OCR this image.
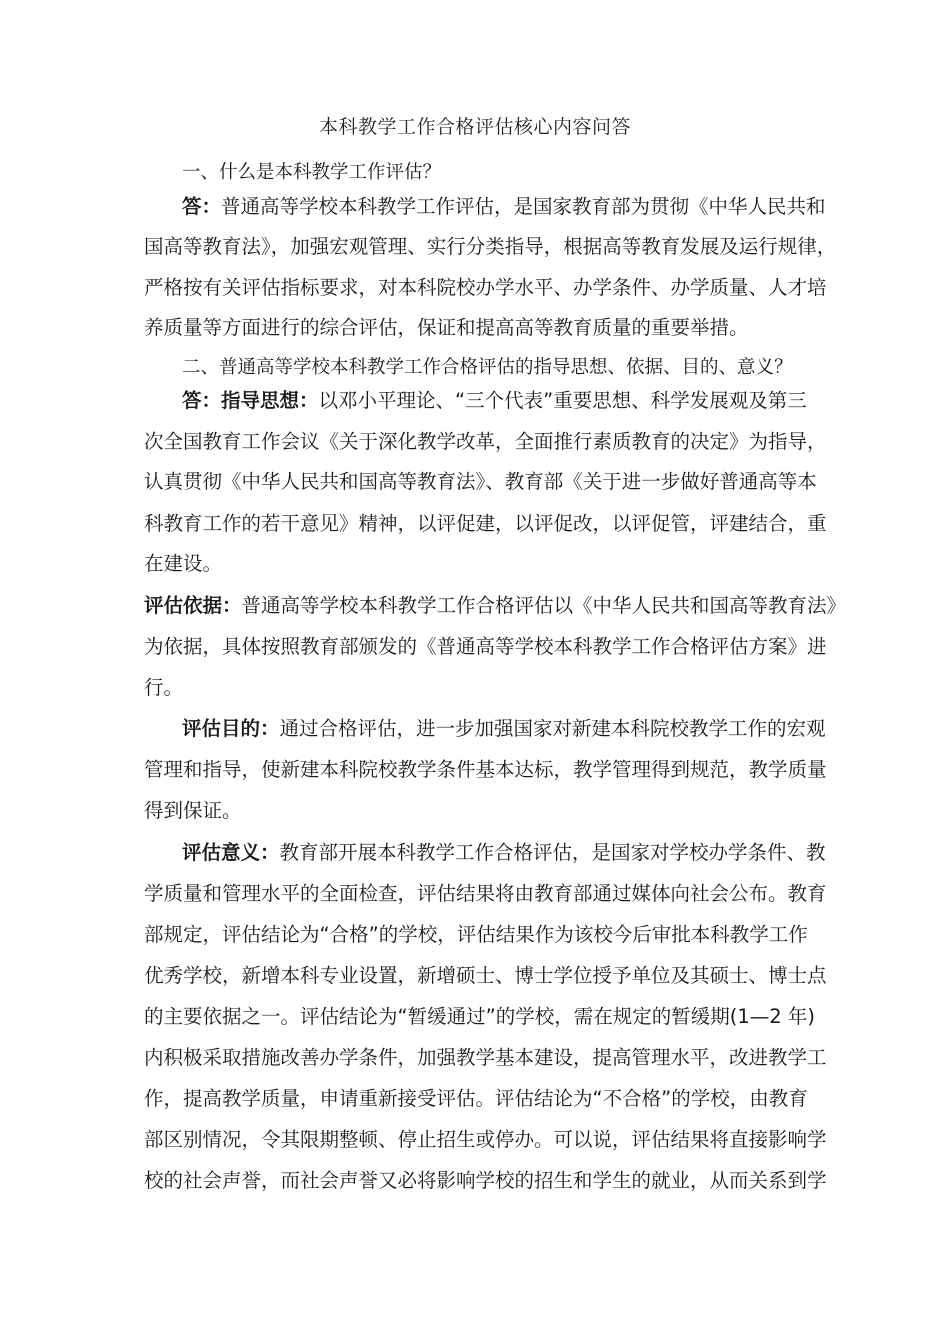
本科教学工作合格评估核心内容问答
一、什么是本科教学工作评估？
答：普通高等学校本科教学工作评估，是国家教育部为贯彻《中华人民共和
国高等教育法》，加强宏观管理、实行分类指导，根据高等教育发展及运行规律，
严格按有关评估指标要求，对本科院校办学水平、办学条件、办学质量、人才培
养质量等方面进行的综合评估，保证和提高高等教育质量的重要举措。
二、普通高等学校本科教学工作合格评估的指导思想、依据、目的、意义？
答：指导思想：以邓小平理论、“三个代表”重要思想、科学发展观及第三
次全国教育工作会议《关于深化教学改革，全面推行素质教育的决定》为指导，
认真贯彻《中华人民共和国高等教育法》、教育部《关于进一步做好普通高等本
科教育工作的若干意见》精神，以评促建，以评促改，以评促管，评建结合，重
在建设。
评估依据：普通高等学校本科教学工作合格评估以《中华人民共和国高等教育法》
为依据，具体按照教育部颁发的《普通高等学校本科教学工作合格评估方案》进
行。
评估目的：通过合格评估，进一步加强国家对新建本科院校教学工作的宏观
管理和指导，使新建本科院校教学条件基本达标，教学管理得到规范，教学质量
得到保证。
评估意义：教育部开展本科教学工作合格评估，是国家对学校办学条件、教
学质量和管理水平的全面检查，评估结果将由教育部通过媒体向社会公布。教育
部规定，评估结论为“合格”的学校，评估结果作为该校今后审批本科教学工作
优秀学校，新增本科专业设置，新增硕士、博士学位授予单位及其硕士、博士点
的主要依据之一。评估结论为“暂缓通过”的学校，需在规定的暂缓期(1—2 年)
内积极采取措施改善办学条件，加强教学基本建设，提高管理水平，改进教学工
作，提高教学质量，申请重新接受评估。评估结论为“不合格”的学校，由教育
部区别情况，令其限期整顿、停止招生或停办。可以说，评估结果将直接影响学
校的社会声誉，而社会声誉又必将影响学校的招生和学生的就业，从而关系到学
